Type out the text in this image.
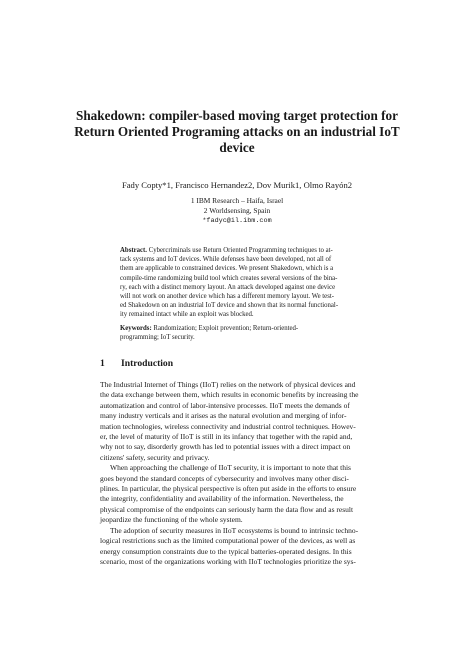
Shakedown: compiler-based moving target protection for
Return Oriented Programing attacks on an industrial IoT
device
Fady Copty*1, Francisco Hernandez2, Dov Murik1, Olmo Rayón2
1 IBM Research – Haifa, Israel
2 Worldsensing, Spain
*fadyc@il.ibm.com
Abstract. Cybercriminals use Return Oriented Programming techniques to at-
tack systems and IoT devices. While defenses have been developed, not all of
them are applicable to constrained devices. We present Shakedown, which is a
compile-time randomizing build tool which creates several versions of the bina-
ry, each with a distinct memory layout. An attack developed against one device
will not work on another device which has a different memory layout. We test-
ed Shakedown on an industrial IoT device and shown that its normal functional-
ity remained intact while an exploit was blocked.
Keywords: Randomization; Exploit prevention; Return-oriented-
programming; IoT security.
1 Introduction
The Industrial Internet of Things (IIoT) relies on the network of physical devices and
the data exchange between them, which results in economic benefits by increasing the
automatization and control of labor-intensive processes. IIoT meets the demands of
many industry verticals and it arises as the natural evolution and merging of infor-
mation technologies, wireless connectivity and industrial control techniques. Howev-
er, the level of maturity of IIoT is still in its infancy that together with the rapid and,
why not to say, disorderly growth has led to potential issues with a direct impact on
citizens' safety, security and privacy.
When approaching the challenge of IIoT security, it is important to note that this
goes beyond the standard concepts of cybersecurity and involves many other disci-
plines. In particular, the physical perspective is often put aside in the efforts to ensure
the integrity, confidentiality and availability of the information. Nevertheless, the
physical compromise of the endpoints can seriously harm the data flow and as result
jeopardize the functioning of the whole system.
The adoption of security measures in IIoT ecosystems is bound to intrinsic techno-
logical restrictions such as the limited computational power of the devices, as well as
energy consumption constraints due to the typical batteries-operated designs. In this
scenario, most of the organizations working with IIoT technologies prioritize the sys-
